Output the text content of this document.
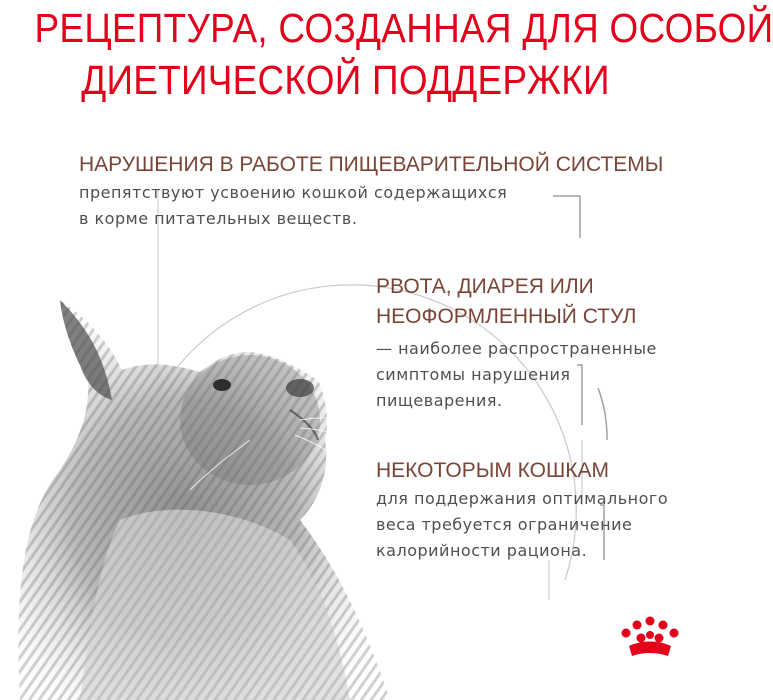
РЕЦЕПТУРА, СОЗДАННАЯ ДЛЯ ОСОБОЙ
ДИЕТИЧЕСКОЙ ПОДДЕРЖКИ
НАРУШЕНИЯ В РАБОТЕ ПИЩЕВАРИТЕЛЬНОЙ СИСТЕМЫ
препятствуют усвоению кошкой содержащихся
в корме питательных веществ.
РВОТА, ДИАРЕЯ ИЛИ
НЕОФОРМЛЕННЫЙ СТУЛ
— наиболее распространенные
симптомы нарушения
пищеварения.
НЕКОТОРЫМ КОШКАМ
для поддержания оптимального
веса требуется ограничение
калорийности рациона.
